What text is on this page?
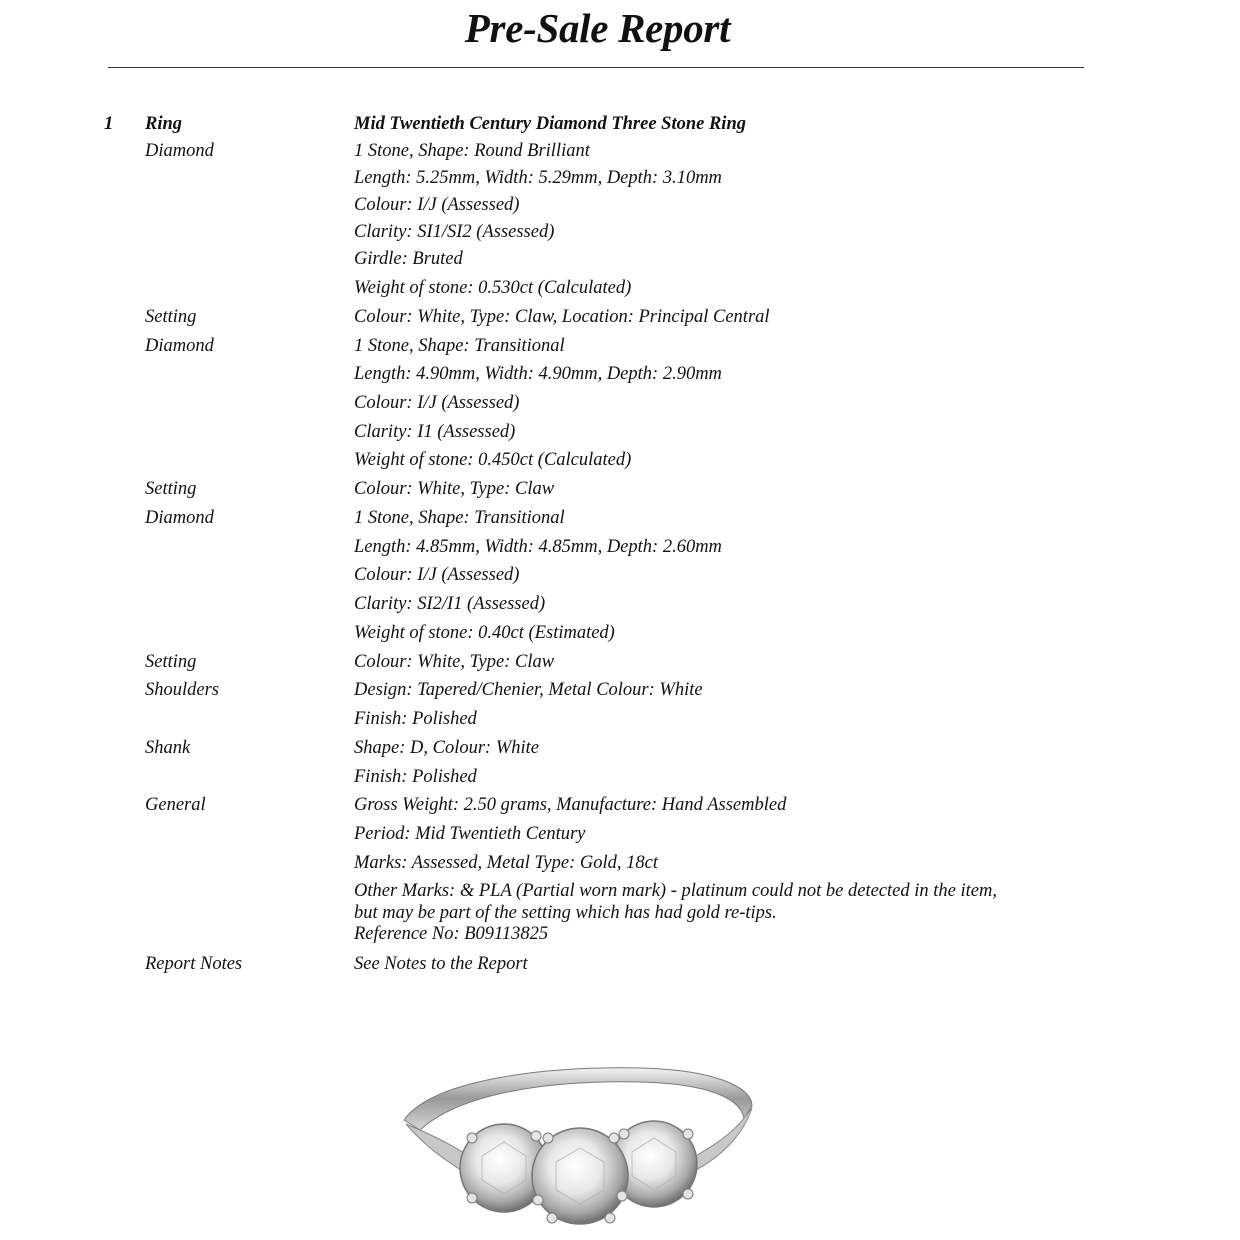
Pre-Sale Report
1 Ring	Mid Twentieth Century Diamond Three Stone Ring
Diamond	1 Stone, Shape: Round Brilliant
Length: 5.25mm, Width: 5.29mm, Depth: 3.10mm
Colour: I/J (Assessed)
Clarity: SI1/SI2 (Assessed)
Girdle: Bruted
Weight of stone: 0.530ct (Calculated)
Setting	Colour: White, Type: Claw, Location: Principal Central
Diamond	1 Stone, Shape: Transitional
Length: 4.90mm, Width: 4.90mm, Depth: 2.90mm
Colour: I/J (Assessed)
Clarity: I1 (Assessed)
Weight of stone: 0.450ct (Calculated)
Setting	Colour: White, Type: Claw
Diamond	1 Stone, Shape: Transitional
Length: 4.85mm, Width: 4.85mm, Depth: 2.60mm
Colour: I/J (Assessed)
Clarity: SI2/I1 (Assessed)
Weight of stone: 0.40ct (Estimated)
Setting	Colour: White, Type: Claw
Shoulders	Design: Tapered/Chenier, Metal Colour: White
Finish: Polished
Shank	Shape: D, Colour: White
Finish: Polished
General	Gross Weight: 2.50 grams, Manufacture: Hand Assembled
Period: Mid Twentieth Century
Marks: Assessed, Metal Type: Gold, 18ct
Other Marks: & PLA (Partial worn mark) - platinum could not be detected in the item,
but may be part of the setting which has had gold re-tips.
Reference No: B09113825
Report Notes	See Notes to the Report
